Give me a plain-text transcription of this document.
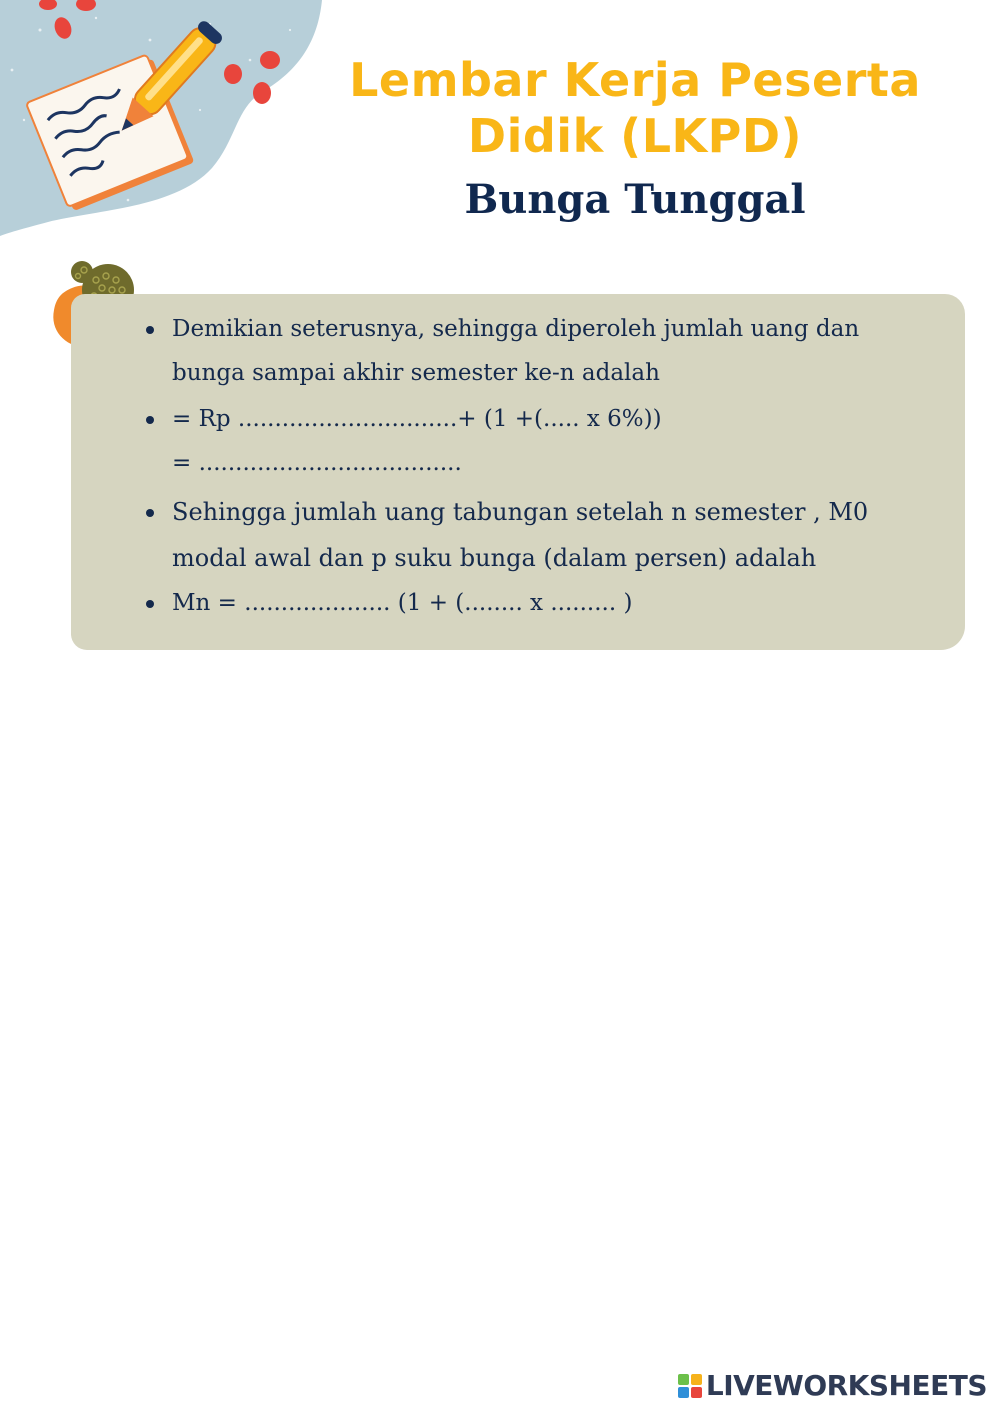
Lembar Kerja Peserta
Didik (LKPD)
Bunga Tunggal
Demikian seterusnya, sehingga diperoleh jumlah uang dan
bunga sampai akhir semester ke-n adalah
= Rp ..............................+ (1 +(..... x 6%))
= ....................................
Sehingga jumlah uang tabungan setelah n semester , M0
modal awal dan p suku bunga (dalam persen) adalah
Mn = .................... (1 + (........ x ......... )
LIVEWORKSHEETS
